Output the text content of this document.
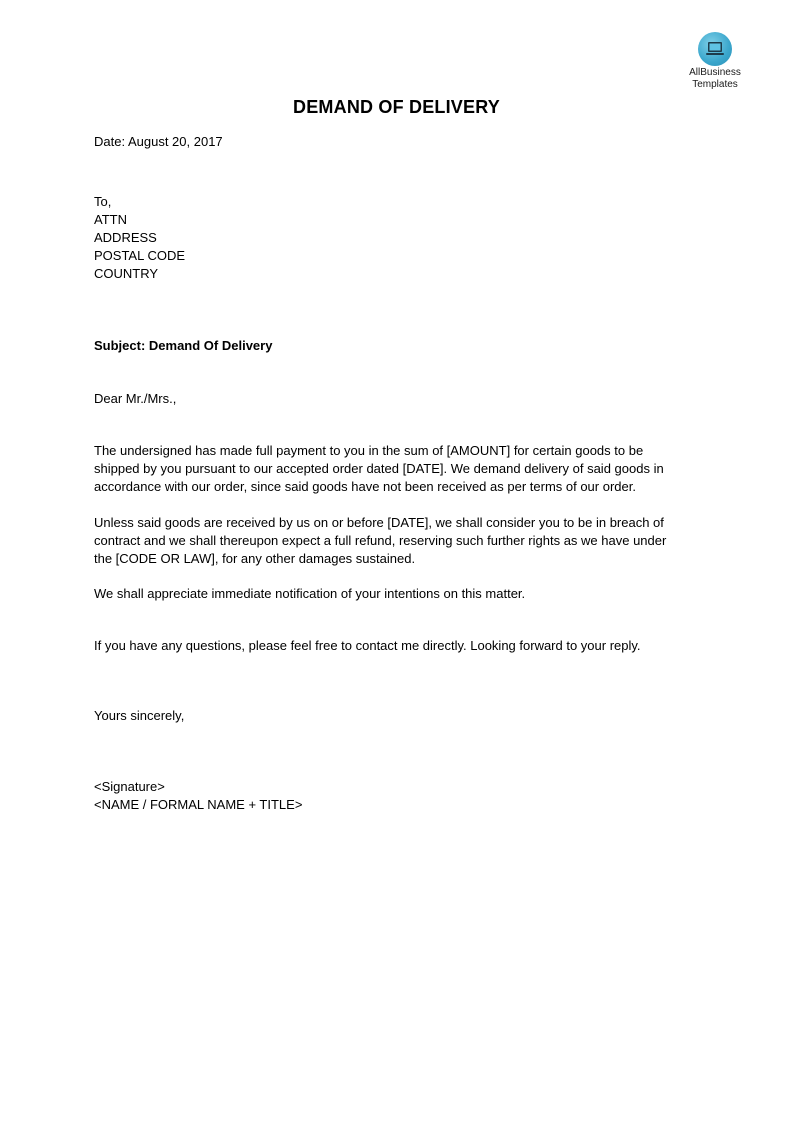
AllBusiness
Templates
DEMAND OF DELIVERY
Date: August 20, 2017
To,
ATTN
ADDRESS
POSTAL CODE
COUNTRY
Subject: Demand Of Delivery
Dear Mr./Mrs.,
The undersigned has made full payment to you in the sum of [AMOUNT] for certain goods to be
shipped by you pursuant to our accepted order dated [DATE]. We demand delivery of said goods in
accordance with our order, since said goods have not been received as per terms of our order.
Unless said goods are received by us on or before [DATE], we shall consider you to be in breach of
contract and we shall thereupon expect a full refund, reserving such further rights as we have under
the [CODE OR LAW], for any other damages sustained.
We shall appreciate immediate notification of your intentions on this matter.
If you have any questions, please feel free to contact me directly. Looking forward to your reply.
Yours sincerely,
<Signature>
<NAME / FORMAL NAME + TITLE>
